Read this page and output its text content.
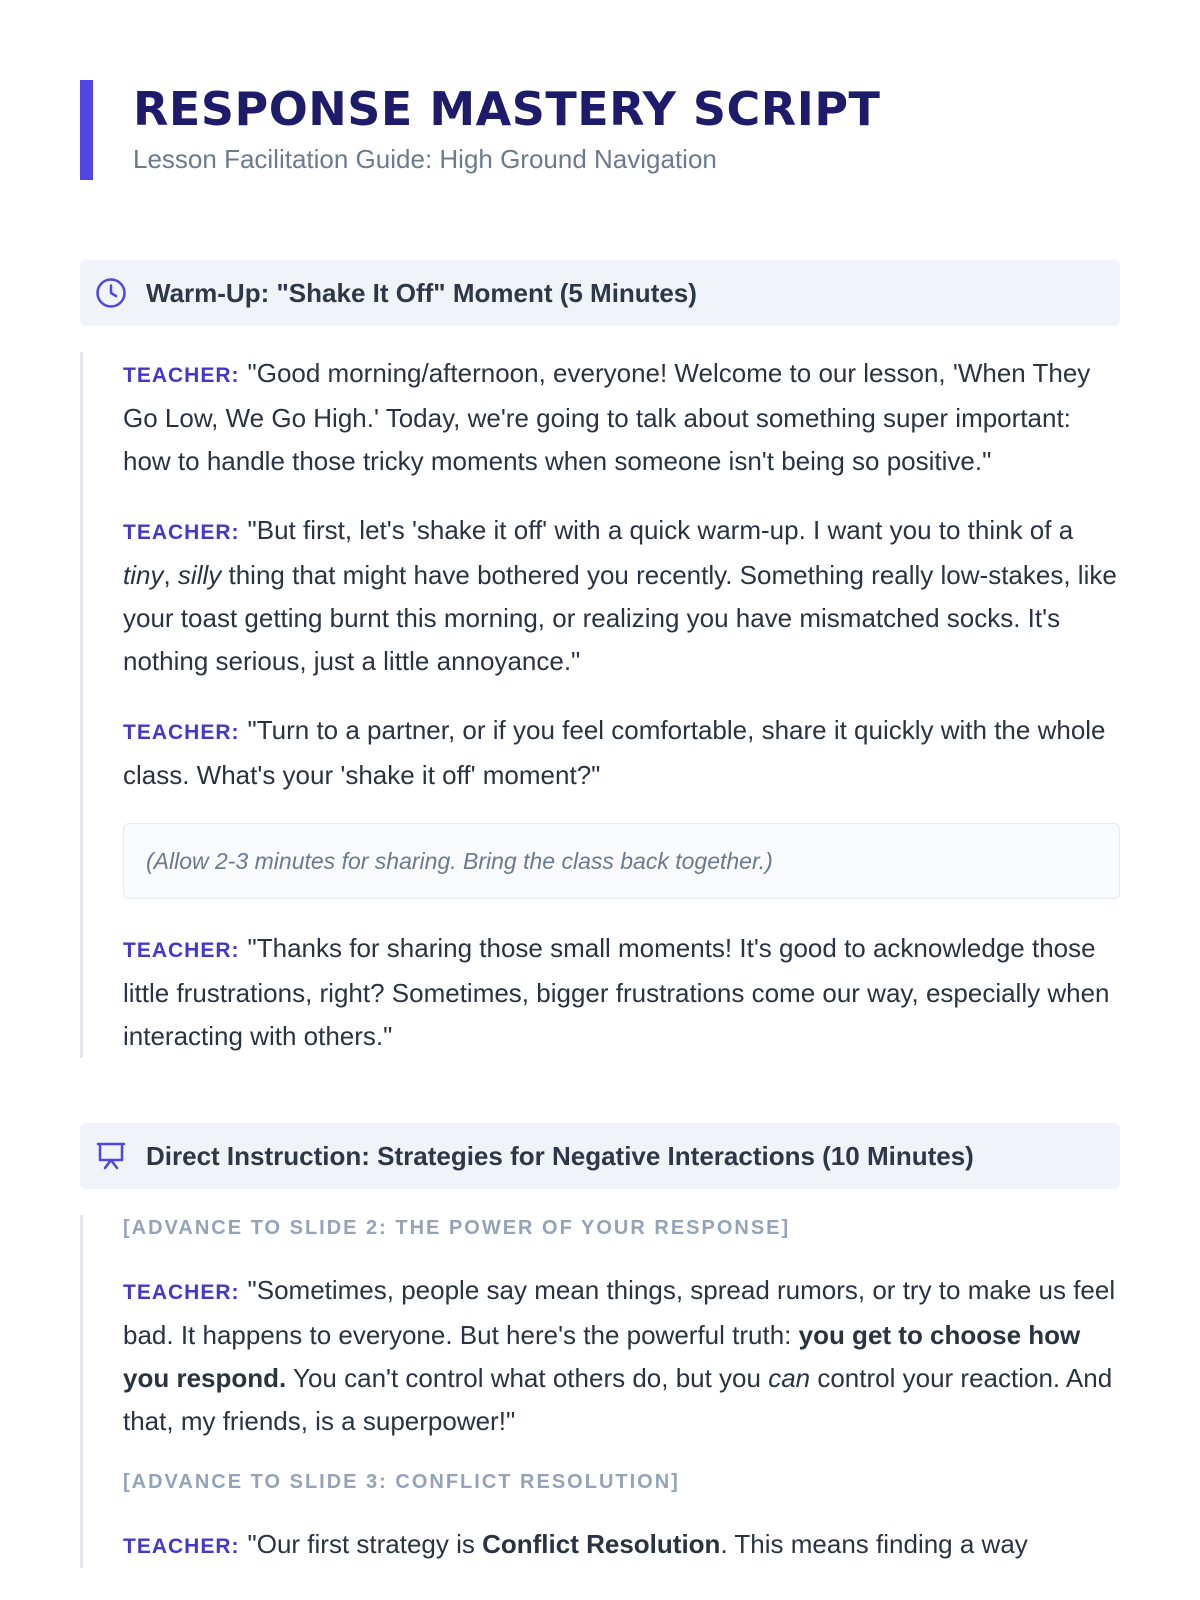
RESPONSE MASTERY SCRIPT
Lesson Facilitation Guide: High Ground Navigation
Warm-Up: "Shake It Off" Moment (5 Minutes)

TEACHER: "Good morning/afternoon, everyone! Welcome to our lesson, 'When They Go Low, We Go High.' Today, we're going to talk about something super important: how to handle those tricky moments when someone isn't being so positive."

TEACHER: "But first, let's 'shake it off' with a quick warm-up. I want you to think of a tiny, silly thing that might have bothered you recently. Something really low-stakes, like your toast getting burnt this morning, or realizing you have mismatched socks. It's nothing serious, just a little annoyance."

TEACHER: "Turn to a partner, or if you feel comfortable, share it quickly with the whole class. What's your 'shake it off' moment?"

(Allow 2-3 minutes for sharing. Bring the class back together.)

TEACHER: "Thanks for sharing those small moments! It's good to acknowledge those little frustrations, right? Sometimes, bigger frustrations come our way, especially when interacting with others."

Direct Instruction: Strategies for Negative Interactions (10 Minutes)
[ADVANCE TO SLIDE 2: THE POWER OF YOUR RESPONSE]

TEACHER: "Sometimes, people say mean things, spread rumors, or try to make us feel bad. It happens to everyone. But here's the powerful truth: you get to choose how you respond. You can't control what others do, but you can control your reaction. And that, my friends, is a superpower!"

[ADVANCE TO SLIDE 3: CONFLICT RESOLUTION]

TEACHER: "Our first strategy is Conflict Resolution. This means finding a way
